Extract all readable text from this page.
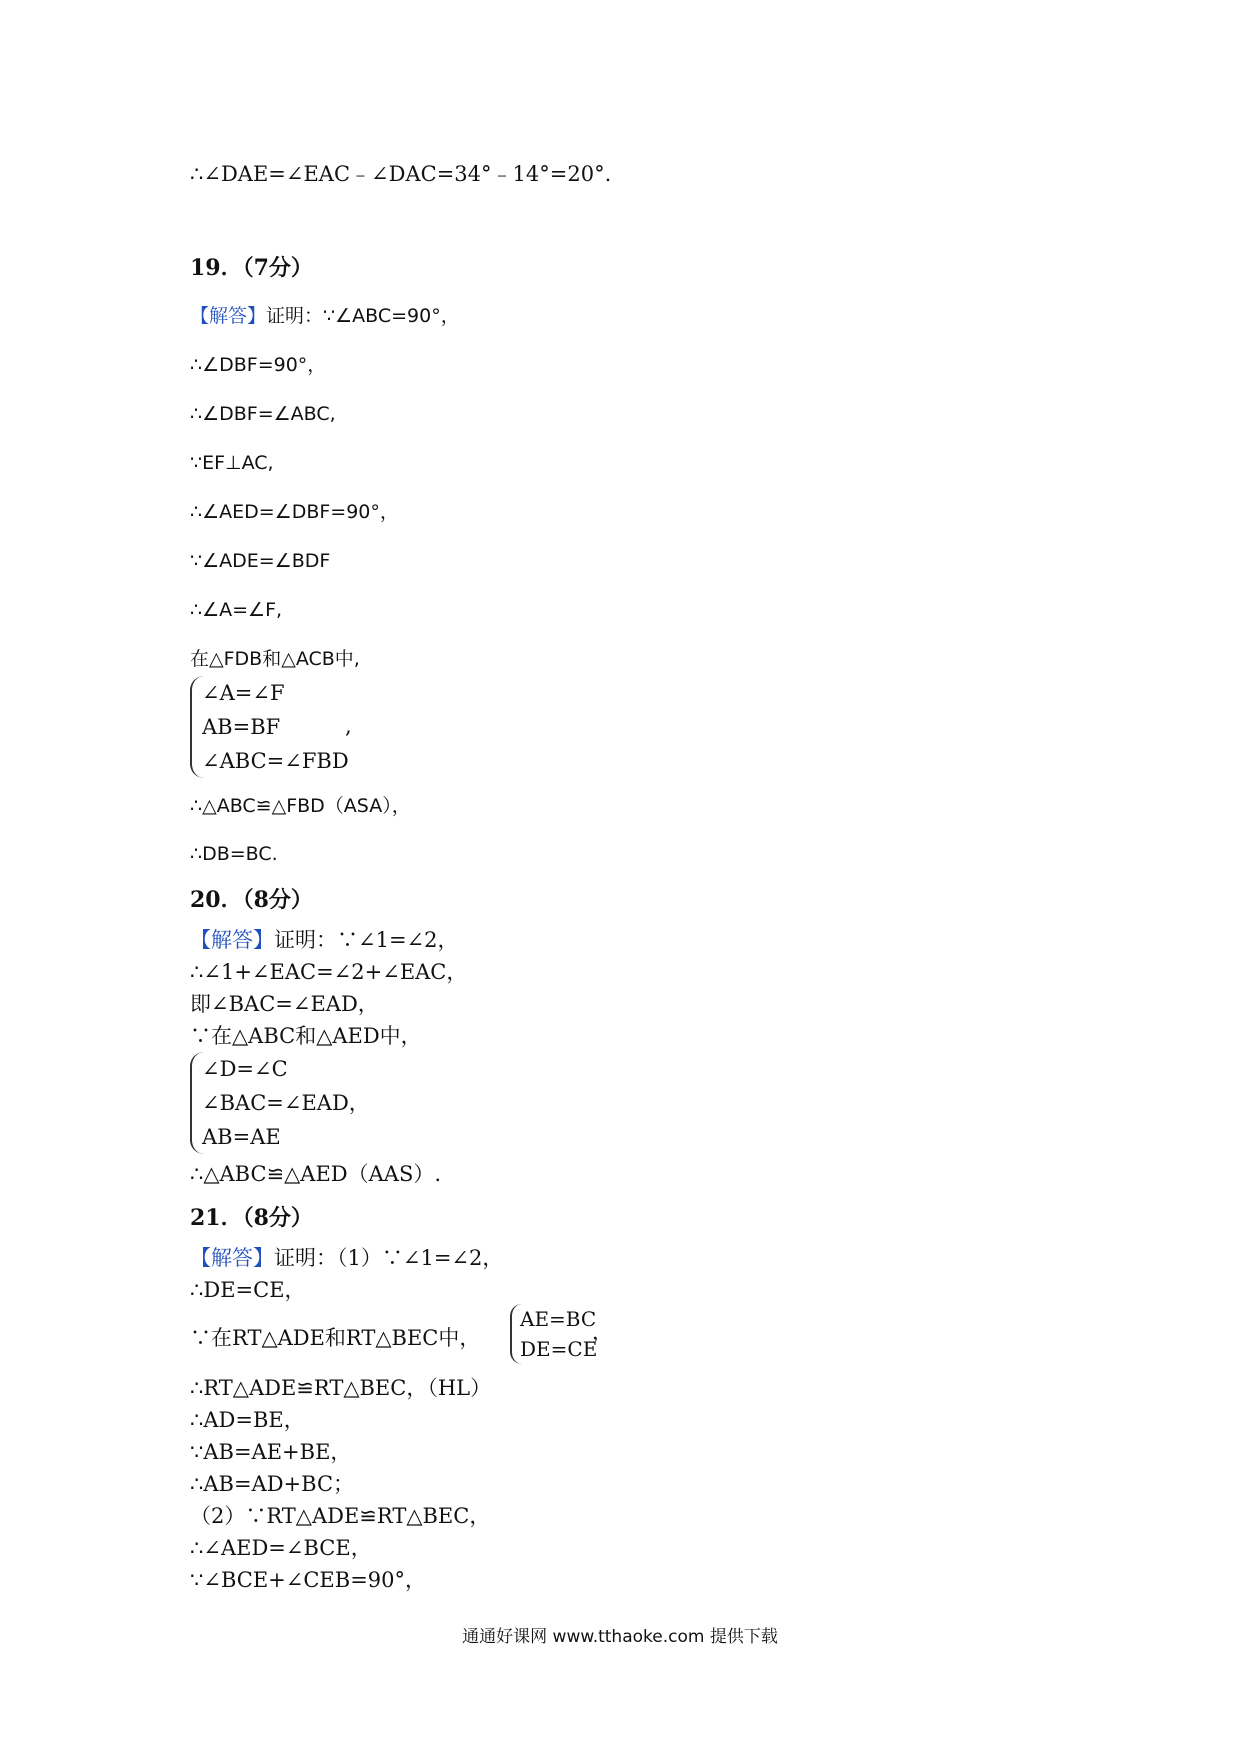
∴∠DAE=∠EAC﹣∠DAC=34°﹣14°=20°.
19．（7分）
【解答】证明：∵∠ABC=90°，
∴∠DBF=90°，
∴∠DBF=∠ABC,
∵EF⊥AC,
∴∠AED=∠DBF=90°，
∵∠ADE=∠BDF
∴∠A=∠F,
在△FDB和△ACB中,
∠A=∠F
AB=BF
∠ABC=∠FBD
,
∴△ABC≌△FBD（ASA），
∴DB=BC.
20．（8分）
【解答】证明：∵∠1=∠2，
∴∠1+∠EAC=∠2+∠EAC，
即∠BAC=∠EAD，
∵在△ABC和△AED中，
∠D=∠C
∠BAC=∠EAD，
AB=AE
∴△ABC≌△AED（AAS）.
21．（8分）
【解答】证明：（1）∵∠1=∠2，
∴DE=CE，
∵在RT△ADE和RT△BEC中，
AE=BC
DE=CE
，
∴RT△ADE≌RT△BEC，（HL）
∴AD=BE，
∵AB=AE+BE，
∴AB=AD+BC；
（2）∵RT△ADE≌RT△BEC，
∴∠AED=∠BCE，
∵∠BCE+∠CEB=90°，
通通好课网 www.tthaoke.com 提供下载
